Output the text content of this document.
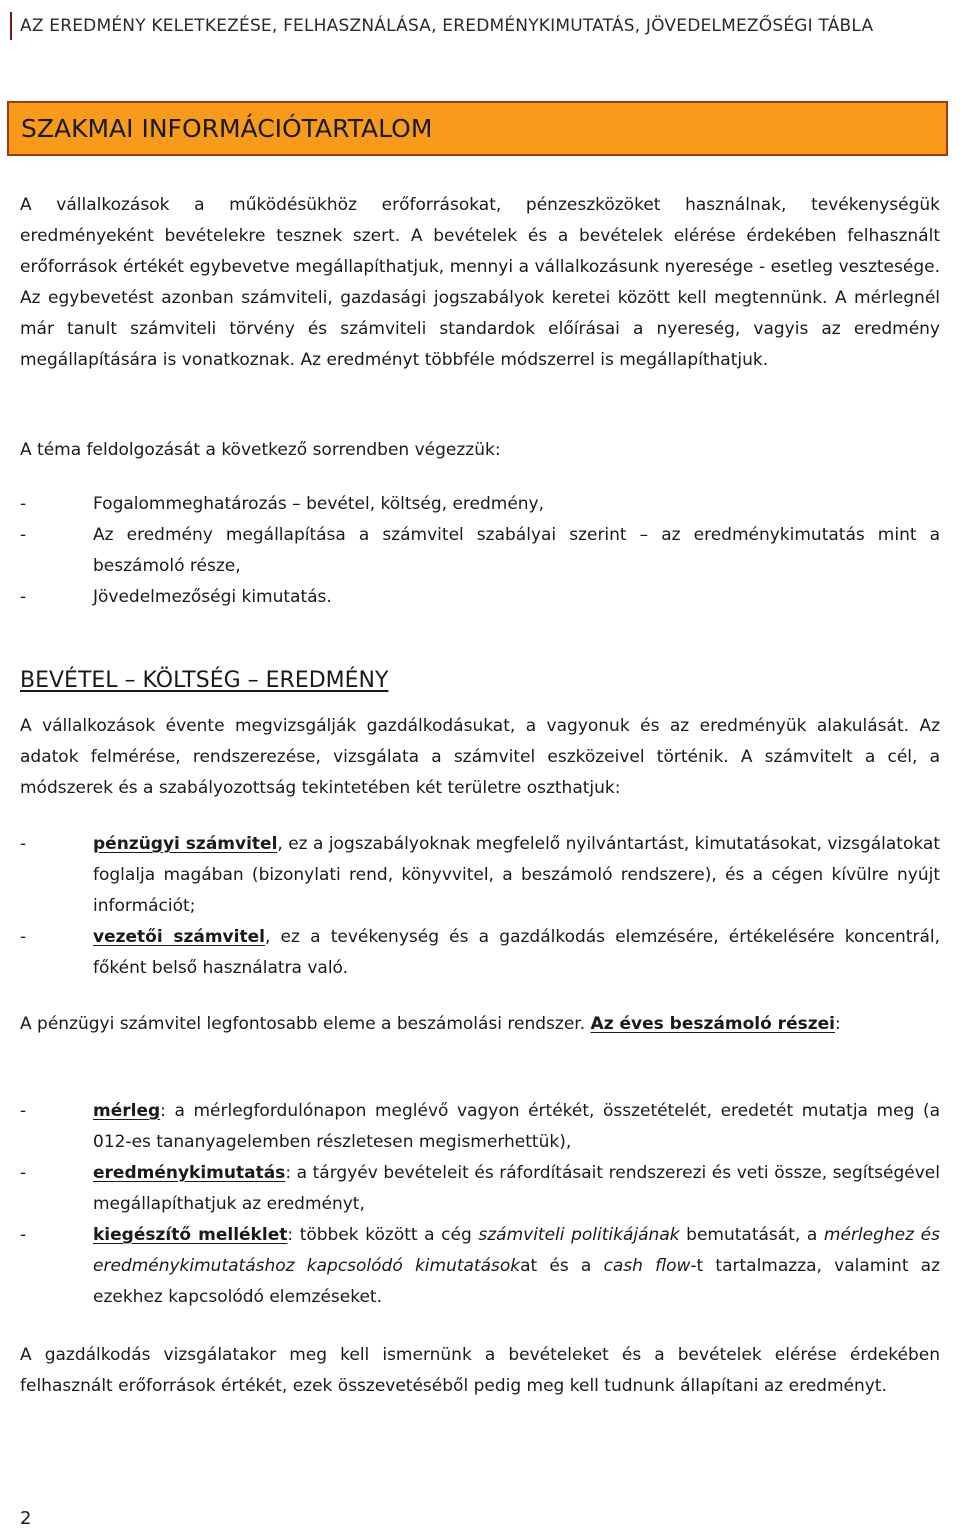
AZ EREDMÉNY KELETKEZÉSE, FELHASZNÁLÁSA, EREDMÉNYKIMUTATÁS, JÖVEDELMEZŐSÉGI TÁBLA
SZAKMAI INFORMÁCIÓTARTALOM

A vállalkozások a működésükhöz erőforrásokat, pénzeszközöket használnak, tevékenységük eredményeként bevételekre tesznek szert. A bevételek és a bevételek elérése érdekében felhasznált erőforrások értékét egybevetve megállapíthatjuk, mennyi a vállalkozásunk nyeresége - esetleg vesztesége. Az egybevetést azonban számviteli, gazdasági jogszabályok keretei között kell megtennünk. A mérlegnél már tanult számviteli törvény és számviteli standardok előírásai a nyereség, vagyis az eredmény megállapítására is vonatkoznak. Az eredményt többféle módszerrel is megállapíthatjuk.

A téma feldolgozását a következő sorrendben végezzük:

-	Fogalommeghatározás – bevétel, költség, eredmény,
-	Az eredmény megállapítása a számvitel szabályai szerint – az eredménykimutatás mint a beszámoló része,
-	Jövedelmezőségi kimutatás.
BEVÉTEL – KÖLTSÉG – EREDMÉNY

A vállalkozások évente megvizsgálják gazdálkodásukat, a vagyonuk és az eredményük alakulását. Az adatok felmérése, rendszerezése, vizsgálata a számvitel eszközeivel történik. A számvitelt a cél, a módszerek és a szabályozottság tekintetében két területre oszthatjuk:

-	pénzügyi számvitel, ez a jogszabályoknak megfelelő nyilvántartást, kimutatásokat, vizsgálatokat foglalja magában (bizonylati rend, könyvvitel, a beszámoló rendszere), és a cégen kívülre nyújt információt;
-	vezetői számvitel, ez a tevékenység és a gazdálkodás elemzésére, értékelésére koncentrál, főként belső használatra való.

A pénzügyi számvitel legfontosabb eleme a beszámolási rendszer. Az éves beszámoló részei:

-	mérleg: a mérlegfordulónapon meglévő vagyon értékét, összetételét, eredetét mutatja meg (a 012-es tananyagelemben részletesen megismerhettük),
-	eredménykimutatás: a tárgyév bevételeit és ráfordításait rendszerezi és veti össze, segítségével megállapíthatjuk az eredményt,
-	kiegészítő melléklet: többek között a cég számviteli politikájának bemutatását, a mérleghez és eredménykimutatáshoz kapcsolódó kimutatásokat és a cash flow-t tartalmazza, valamint az ezekhez kapcsolódó elemzéseket.

A gazdálkodás vizsgálatakor meg kell ismernünk a bevételeket és a bevételek elérése érdekében felhasznált erőforrások értékét, ezek összevetéséből pedig meg kell tudnunk állapítani az eredményt.

2
